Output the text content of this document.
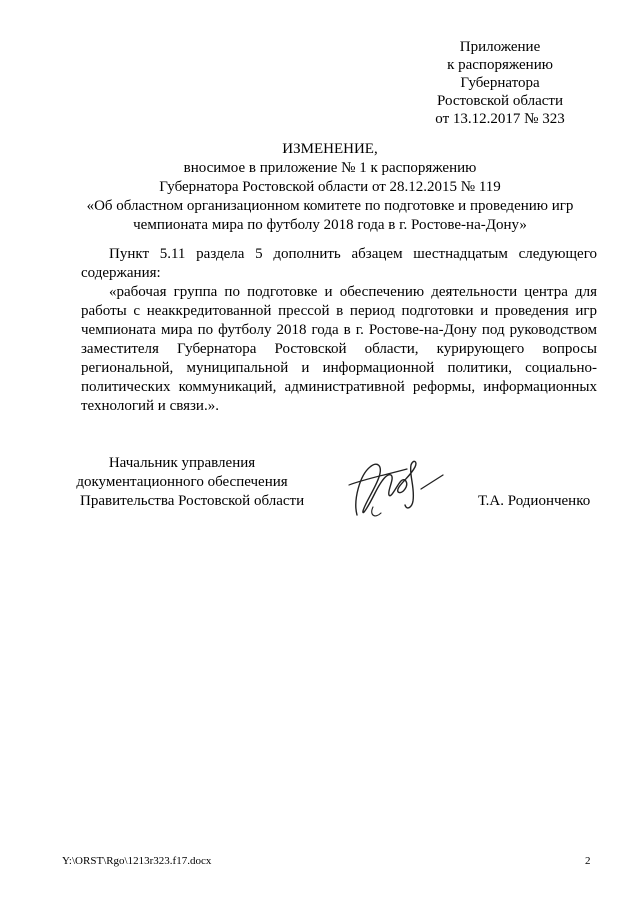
Приложение
к распоряжению
Губернатора
Ростовской области
от 13.12.2017 № 323
ИЗМЕНЕНИЕ,
вносимое в приложение № 1 к распоряжению
Губернатора Ростовской области от 28.12.2015 № 119
«Об областном организационном комитете по подготовке и проведению игр
чемпионата мира по футболу 2018 года в г. Ростове-на-Дону»
Пункт 5.11 раздела 5 дополнить абзацем шестнадцатым следующего содержания:
«рабочая группа по подготовке и обеспечению деятельности центра для работы с неаккредитованной прессой в период подготовки и проведения игр чемпионата мира по футболу 2018 года в г. Ростове-на-Дону под руководством заместителя Губернатора Ростовской области, курирующего вопросы региональной, муниципальной и информационной политики, социально-политических коммуникаций, административной реформы, информационных технологий и связи.».
Начальник управления
документационного обеспечения
Правительства Ростовской области	Т.А. Родионченко
Y:\ORST\Rgo\1213r323.f17.docx	2
